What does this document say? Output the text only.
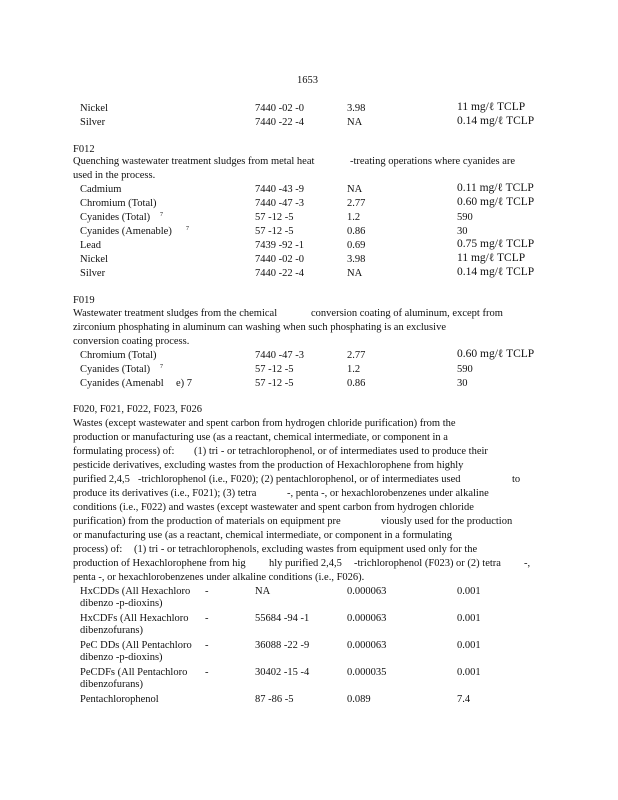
1653
Nickel	7440 -02 -0	3.98	11 mg/ℓ TCLP
Silver	7440 -22 -4	NA	0.14 mg/ℓ TCLP
F012
Quenching wastewater treatment sludges from metal heat	-treating operations where cyanides are
used in the process.
Cadmium	7440 -43 -9	NA	0.11 mg/ℓ TCLP
Chromium (Total)	7440 -47 -3	2.77	0.60 mg/ℓ TCLP
Cyanides (Total) 7	57 -12 -5	1.2	590
Cyanides (Amenable) 7	57 -12 -5	0.86	30
Lead	7439 -92 -1	0.69	0.75 mg/ℓ TCLP
Nickel	7440 -02 -0	3.98	11 mg/ℓ TCLP
Silver	7440 -22 -4	NA	0.14 mg/ℓ TCLP
F019
Wastewater treatment sludges from the chemical	conversion coating of aluminum, except from
zirconium phosphating in aluminum can washing when such phosphating is an exclusive
conversion coating process.
Chromium (Total)	7440 -47 -3	2.77	0.60 mg/ℓ TCLP
Cyanides (Total) 7	57 -12 -5	1.2	590
Cyanides (Amenabl e) 7	57 -12 -5	0.86	30
F020, F021, F022, F023, F026
Wastes (except wastewater and spent carbon from hydrogen chloride purification) from the
production or manufacturing use (as a reactant, chemical intermediate, or component in a
formulating process) of: (1) tri - or tetrachlorophenol, or of intermediates used to produce their
pesticide derivatives, excluding wastes from the production of Hexachlorophene from highly
purified 2,4,5 -trichlorophenol (i.e., F020); (2) pentachlorophenol, or of intermediates used	to
produce its derivatives (i.e., F021); (3) tetra	-, penta -, or hexachlorobenzenes under alkaline
conditions (i.e., F022) and wastes (except wastewater and spent carbon from hydrogen chloride
purification) from the production of materials on equipment pre	viously used for the production
or manufacturing use (as a reactant, chemical intermediate, or component in a formulating
process) of: (1) tri - or tetrachlorophenols, excluding wastes from equipment used only for the
production of Hexachlorophene from hig hly purified 2,4,5 -trichlorophenol (F023) or (2) tetra -,
penta -, or hexachlorobenzenes under alkaline conditions (i.e., F026).
HxCDDs (All Hexachloro
dibenzo -p-dioxins)
-	NA	0.000063	0.001
HxCDFs (All Hexachloro
dibenzofurans)
-	55684 -94 -1	0.000063	0.001
PeC DDs (All Pentachloro
dibenzo -p-dioxins)
-	36088 -22 -9	0.000063	0.001
PeCDFs (All Pentachloro
dibenzofurans)
-	30402 -15 -4	0.000035	0.001
Pentachlorophenol	87 -86 -5	0.089	7.4
